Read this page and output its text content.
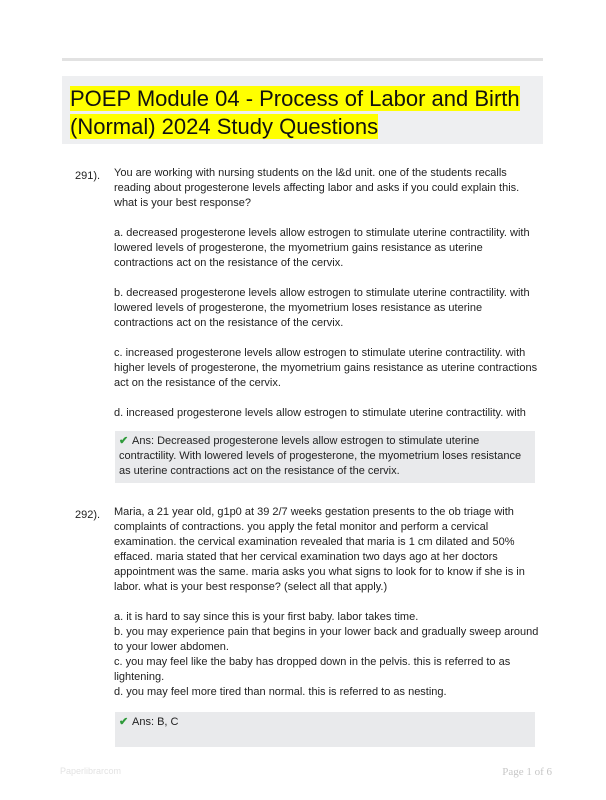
POEP Module 04 - Process of Labor and Birth (Normal) 2024 Study Questions
291). You are working with nursing students on the l&d unit. one of the students recalls reading about progesterone levels affecting labor and asks if you could explain this. what is your best response?

a. decreased progesterone levels allow estrogen to stimulate uterine contractility. with lowered levels of progesterone, the myometrium gains resistance as uterine contractions act on the resistance of the cervix.

b. decreased progesterone levels allow estrogen to stimulate uterine contractility. with lowered levels of progesterone, the myometrium loses resistance as uterine contractions act on the resistance of the cervix.

c. increased progesterone levels allow estrogen to stimulate uterine contractility. with higher levels of progesterone, the myometrium gains resistance as uterine contractions act on the resistance of the cervix.

d. increased progesterone levels allow estrogen to stimulate uterine contractility. with

✔ Ans: Decreased progesterone levels allow estrogen to stimulate uterine contractility. With lowered levels of progesterone, the myometrium loses resistance as uterine contractions act on the resistance of the cervix.
292). Maria, a 21 year old, g1p0 at 39 2/7 weeks gestation presents to the ob triage with complaints of contractions. you apply the fetal monitor and perform a cervical examination. the cervical examination revealed that maria is 1 cm dilated and 50% effaced. maria stated that her cervical examination two days ago at her doctors appointment was the same. maria asks you what signs to look for to know if she is in labor. what is your best response? (select all that apply.)

a. it is hard to say since this is your first baby. labor takes time.

b. you may experience pain that begins in your lower back and gradually sweep around to your lower abdomen.

c. you may feel like the baby has dropped down in the pelvis. this is referred to as lightening.

d. you may feel more tired than normal. this is referred to as nesting.

✔ Ans: B, C
Paperlibrarcom	Page 1 of 6
